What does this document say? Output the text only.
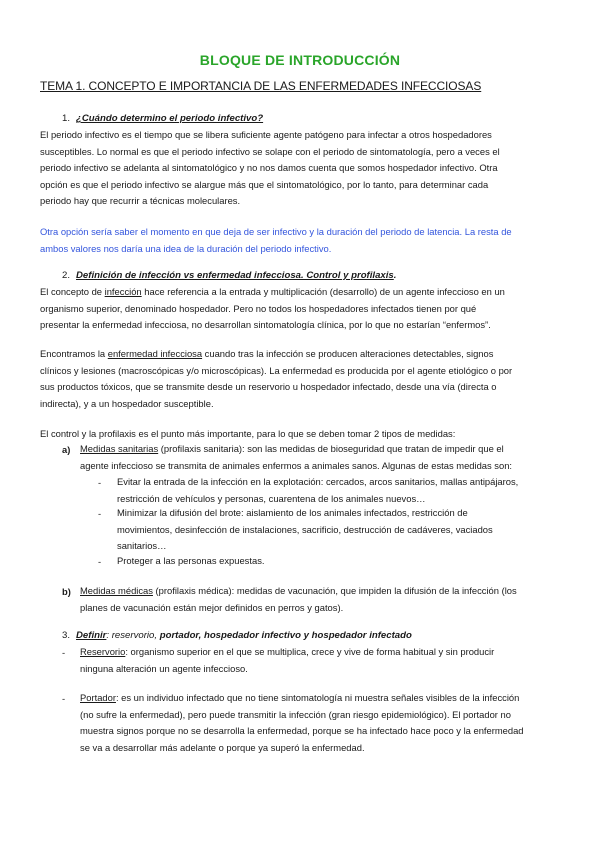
BLOQUE DE INTRODUCCIÓN
TEMA 1. CONCEPTO E IMPORTANCIA DE LAS ENFERMEDADES INFECCIOSAS
1. ¿Cuándo determino el periodo infectivo?
El periodo infectivo es el tiempo que se libera suficiente agente patógeno para infectar a otros hospedadores
susceptibles. Lo normal es que el periodo infectivo se solape con el periodo de sintomatología, pero a veces el
periodo infectivo se adelanta al sintomatológico y no nos damos cuenta que somos hospedador infectivo. Otra
opción es que el periodo infectivo se alargue más que el sintomatológico, por lo tanto, para determinar cada
periodo hay que recurrir a técnicas moleculares.
Otra opción sería saber el momento en que deja de ser infectivo y la duración del periodo de latencia. La resta de
ambos valores nos daría una idea de la duración del periodo infectivo.
2. Definición de infección vs enfermedad infecciosa. Control y profilaxis.
El concepto de infección hace referencia a la entrada y multiplicación (desarrollo) de un agente infeccioso en un
organismo superior, denominado hospedador. Pero no todos los hospedadores infectados tienen por qué
presentar la enfermedad infecciosa, no desarrollan sintomatología clínica, por lo que no estarían “enfermos”.
Encontramos la enfermedad infecciosa cuando tras la infección se producen alteraciones detectables, signos
clínicos y lesiones (macroscópicas y/o microscópicas). La enfermedad es producida por el agente etiológico o por
sus productos tóxicos, que se transmite desde un reservorio u hospedador infectado, desde una vía (directa o
indirecta), y a un hospedador susceptible.
El control y la profilaxis es el punto más importante, para lo que se deben tomar 2 tipos de medidas:
a) Medidas sanitarias (profilaxis sanitaria): son las medidas de bioseguridad que tratan de impedir que el
agente infeccioso se transmita de animales enfermos a animales sanos. Algunas de estas medidas son:
- Evitar la entrada de la infección en la explotación: cercados, arcos sanitarios, mallas antipájaros,
restricción de vehículos y personas, cuarentena de los animales nuevos…
- Minimizar la difusión del brote: aislamiento de los animales infectados, restricción de
movimientos, desinfección de instalaciones, sacrificio, destrucción de cadáveres, vaciados
sanitarios…
- Proteger a las personas expuestas.
b) Medidas médicas (profilaxis médica): medidas de vacunación, que impiden la difusión de la infección (los
planes de vacunación están mejor definidos en perros y gatos).
3. Definir: reservorio, portador, hospedador infectivo y hospedador infectado
- Reservorio: organismo superior en el que se multiplica, crece y vive de forma habitual y sin producir
ninguna alteración un agente infeccioso.
- Portador: es un individuo infectado que no tiene sintomatología ni muestra señales visibles de la infección
(no sufre la enfermedad), pero puede transmitir la infección (gran riesgo epidemiológico). El portador no
muestra signos porque no se desarrolla la enfermedad, porque se ha infectado hace poco y la enfermedad
se va a desarrollar más adelante o porque ya superó la enfermedad.
